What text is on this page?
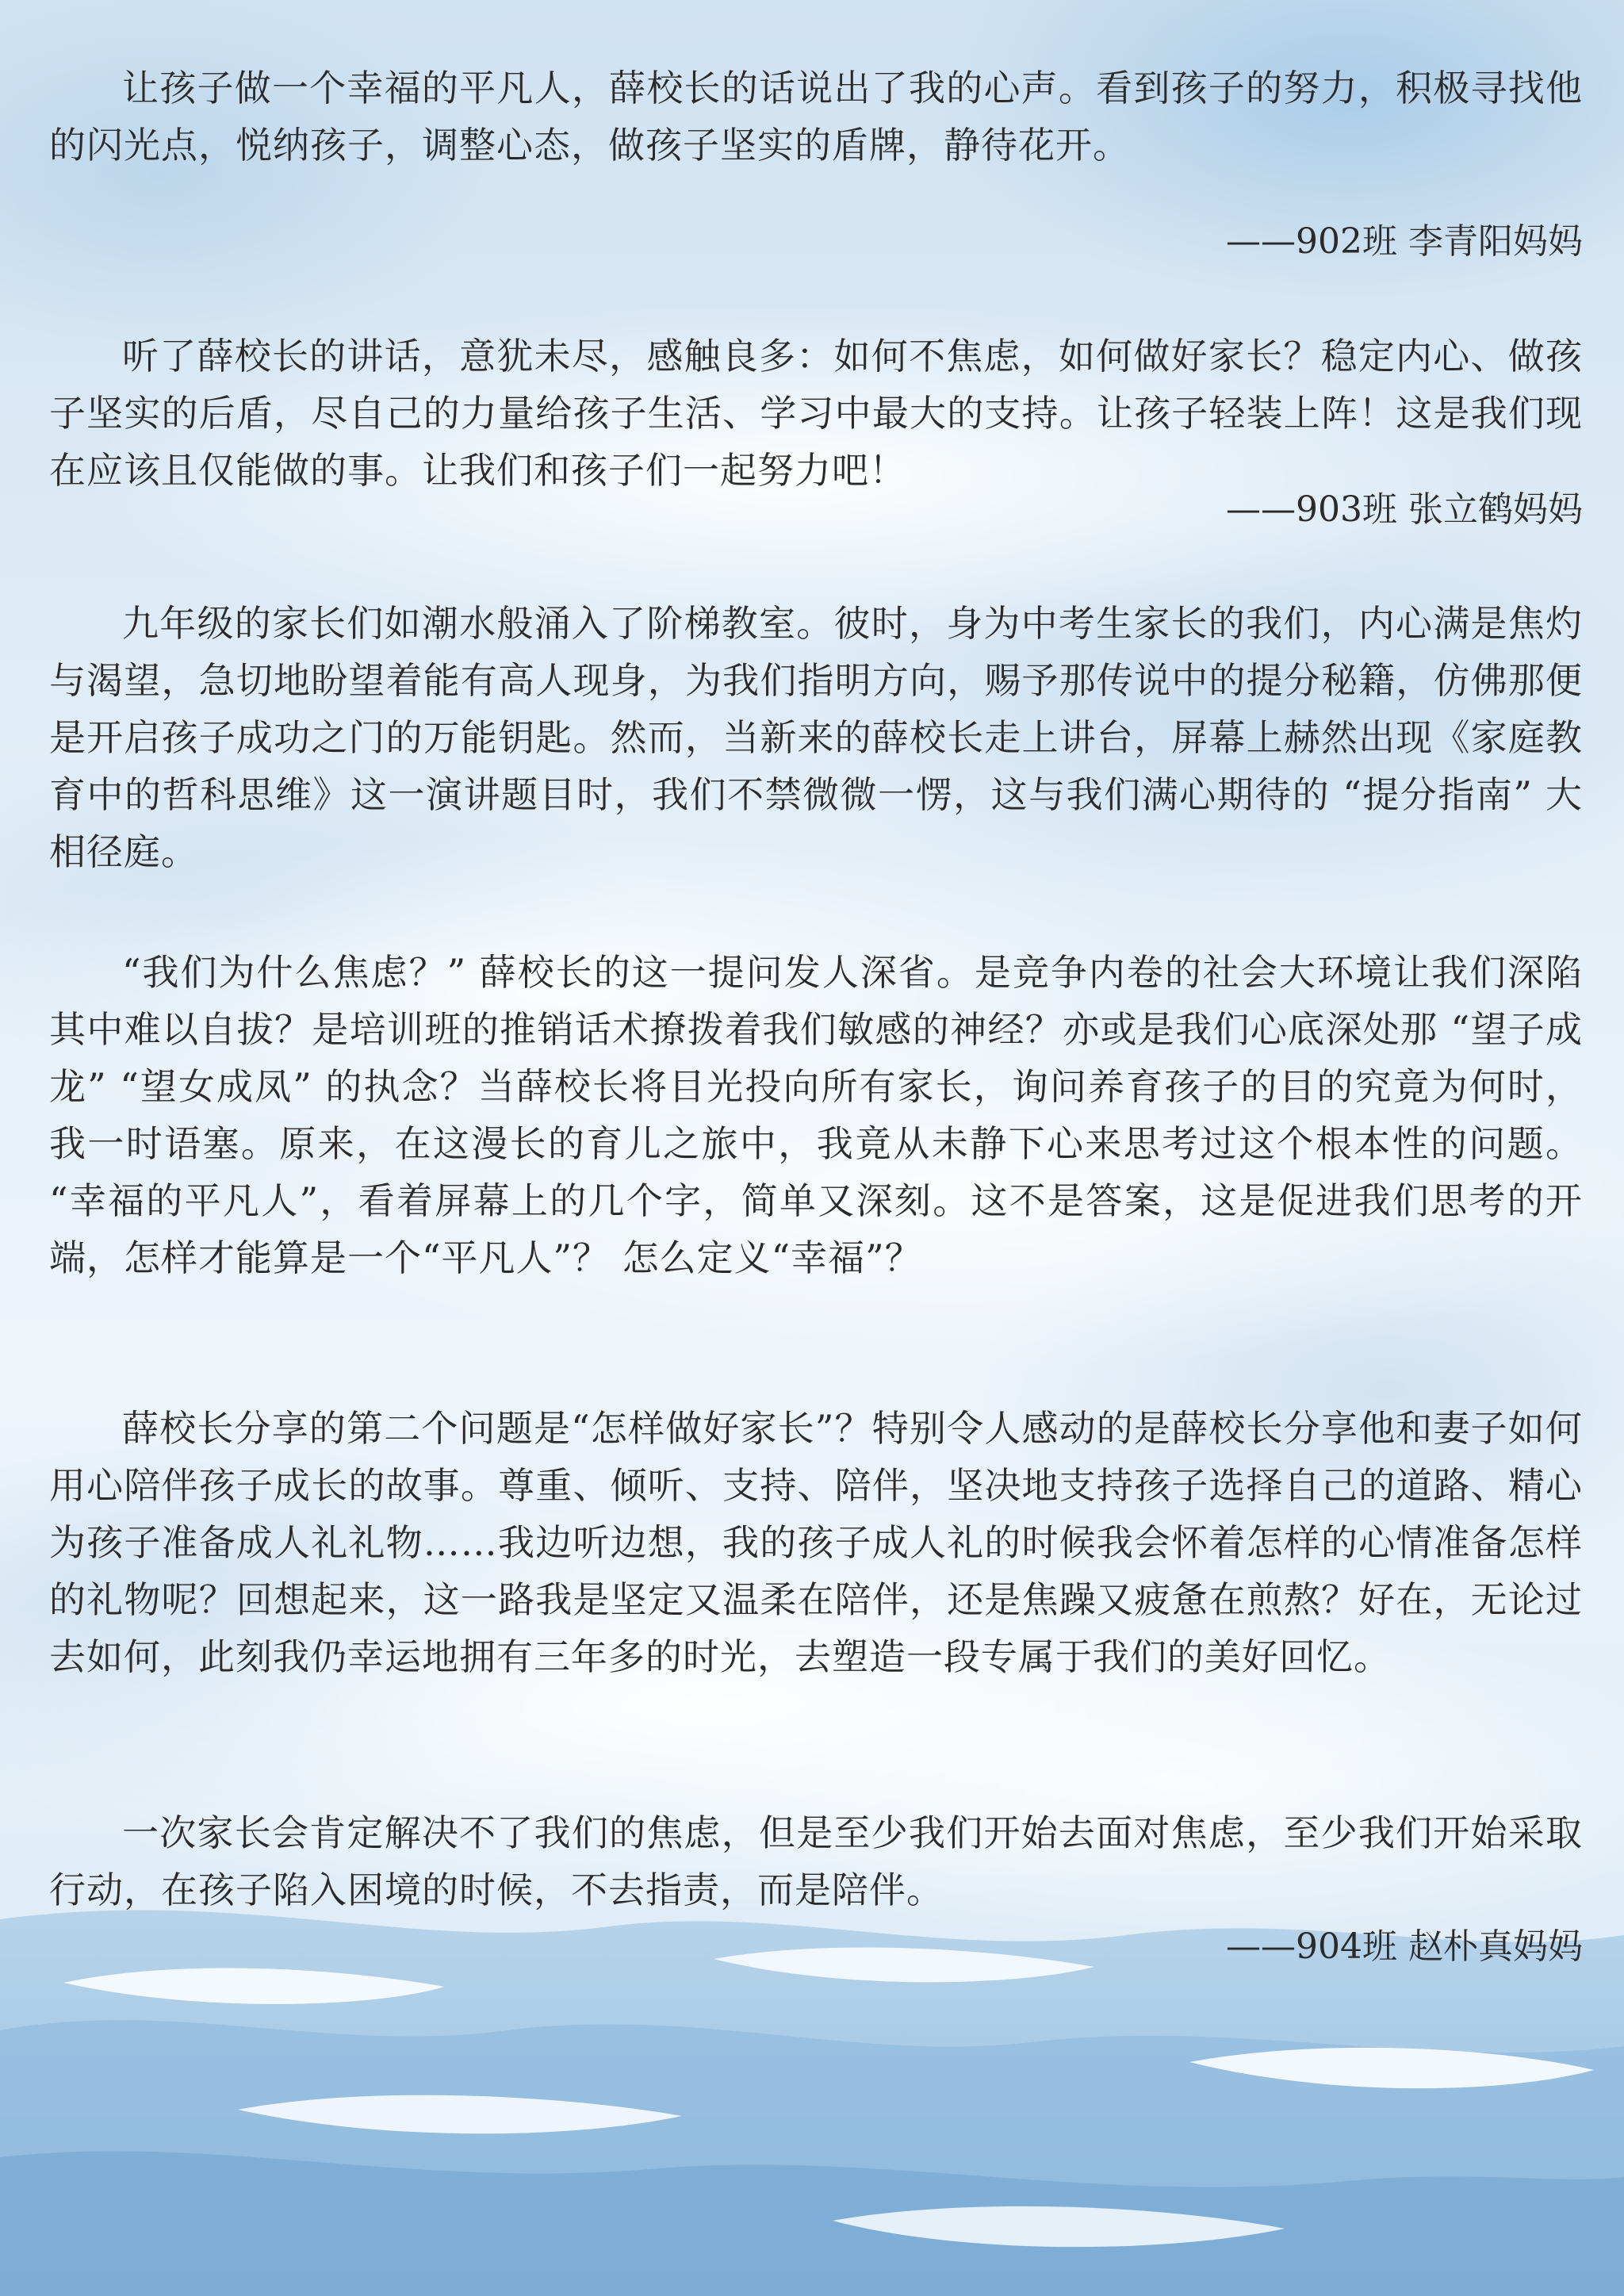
让孩子做一个幸福的平凡人，薛校长的话说出了我的心声。看到孩子的努力，积极寻找他的闪光点，悦纳孩子，调整心态，做孩子坚实的盾牌，静待花开。

——902班 李青阳妈妈

听了薛校长的讲话，意犹未尽，感触良多：如何不焦虑，如何做好家长？稳定内心、做孩子坚实的后盾，尽自己的力量给孩子生活、学习中最大的支持。让孩子轻装上阵！这是我们现在应该且仅能做的事。让我们和孩子们一起努力吧！

——903班 张立鹤妈妈

九年级的家长们如潮水般涌入了阶梯教室。彼时，身为中考生家长的我们，内心满是焦灼与渴望，急切地盼望着能有高人现身，为我们指明方向，赐予那传说中的提分秘籍，仿佛那便是开启孩子成功之门的万能钥匙。然而，当新来的薛校长走上讲台，屏幕上赫然出现《家庭教育中的哲科思维》这一演讲题目时，我们不禁微微一愣，这与我们满心期待的 “提分指南” 大相径庭。

“我们为什么焦虑？” 薛校长的这一提问发人深省。是竞争内卷的社会大环境让我们深陷其中难以自拔？是培训班的推销话术撩拨着我们敏感的神经？亦或是我们心底深处那 “望子成龙” “望女成凤” 的执念？当薛校长将目光投向所有家长，询问养育孩子的目的究竟为何时，我一时语塞。原来，在这漫长的育儿之旅中，我竟从未静下心来思考过这个根本性的问题。 “幸福的平凡人”，看着屏幕上的几个字，简单又深刻。这不是答案，这是促进我们思考的开端，怎样才能算是一个“平凡人”？ 怎么定义“幸福”？

薛校长分享的第二个问题是“怎样做好家长”？特别令人感动的是薛校长分享他和妻子如何用心陪伴孩子成长的故事。尊重、倾听、支持、陪伴，坚决地支持孩子选择自己的道路、精心为孩子准备成人礼礼物……我边听边想，我的孩子成人礼的时候我会怀着怎样的心情准备怎样的礼物呢？回想起来，这一路我是坚定又温柔在陪伴，还是焦躁又疲惫在煎熬？好在，无论过去如何，此刻我仍幸运地拥有三年多的时光，去塑造一段专属于我们的美好回忆。

一次家长会肯定解决不了我们的焦虑，但是至少我们开始去面对焦虑，至少我们开始采取行动，在孩子陷入困境的时候，不去指责，而是陪伴。

——904班 赵朴真妈妈
